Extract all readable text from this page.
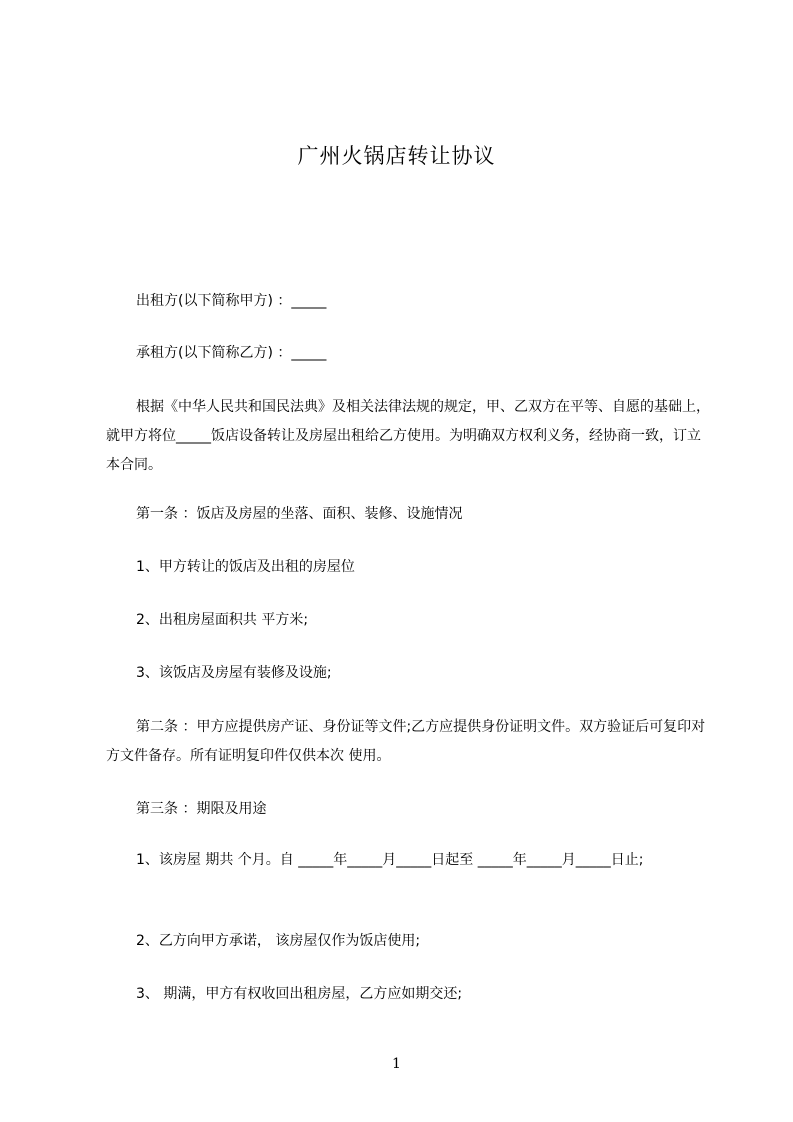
广州火锅店转让协议

出租方(以下简称甲方) ：_____

承租方(以下简称乙方) ：_____

根据《中华人民共和国民法典》及相关法律法规的规定，甲、乙双方在平等、自愿的基础上，就甲方将位_____饭店设备转让及房屋出租给乙方使用。为明确双方权利义务，经协商一致，订立本合同。

第一条 ：饭店及房屋的坐落、面积、装修、设施情况

1、甲方转让的饭店及出租的房屋位

2、出租房屋面积共 平方米;

3、该饭店及房屋有装修及设施;

第二条 ：甲方应提供房产证、身份证等文件;乙方应提供身份证明文件。双方验证后可复印对方文件备存。所有证明复印件仅供本次 使用。

第三条 ：期限及用途

1、该房屋 期共 个月。自 _____年_____月_____日起至 _____年_____月_____日止;

2、乙方向甲方承诺， 该房屋仅作为饭店使用;

3、 期满，甲方有权收回出租房屋，乙方应如期交还;

1
